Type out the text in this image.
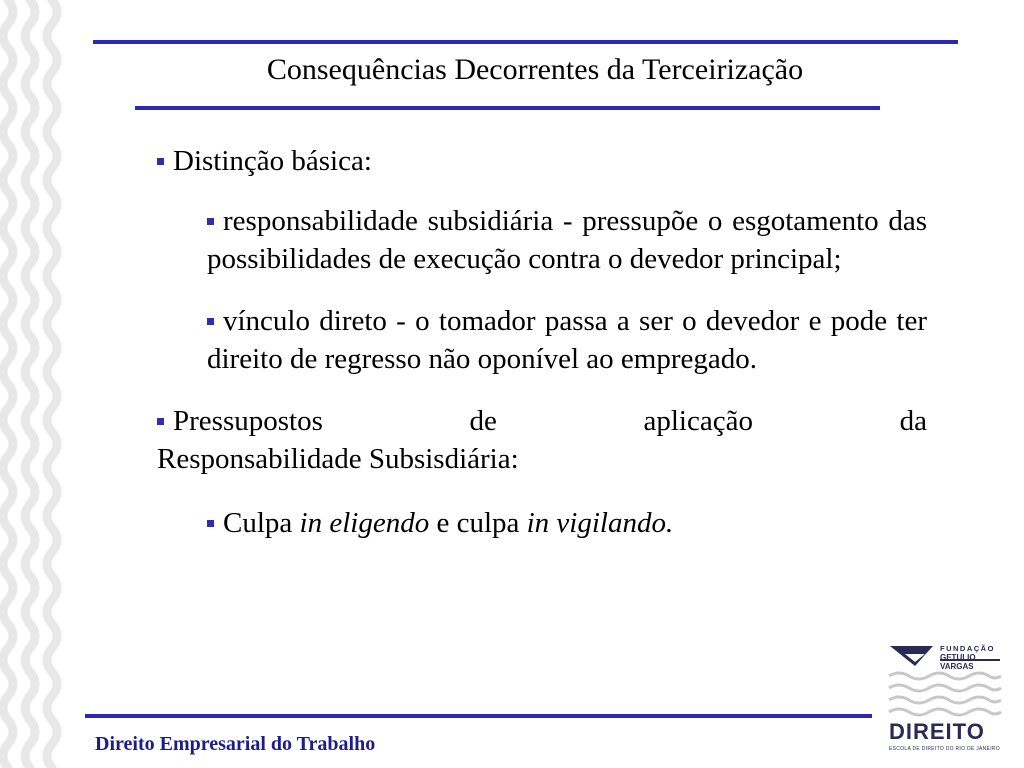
Consequências Decorrentes da Terceirização
Distinção básica:
responsabilidade subsidiária - pressupõe o esgotamento das possibilidades de execução contra o devedor principal;
vínculo direto - o tomador passa a ser o devedor e pode ter direito de regresso não oponível ao empregado.
Pressupostos	de	aplicação	da
Responsabilidade Subsisdiária:
Culpa in eligendo e culpa in vigilando.
Direito Empresarial do Trabalho
FUNDAÇÃO
GETULIO VARGAS
DIREITO
ESCOLA DE DIREITO DO RIO DE JANEIRO
